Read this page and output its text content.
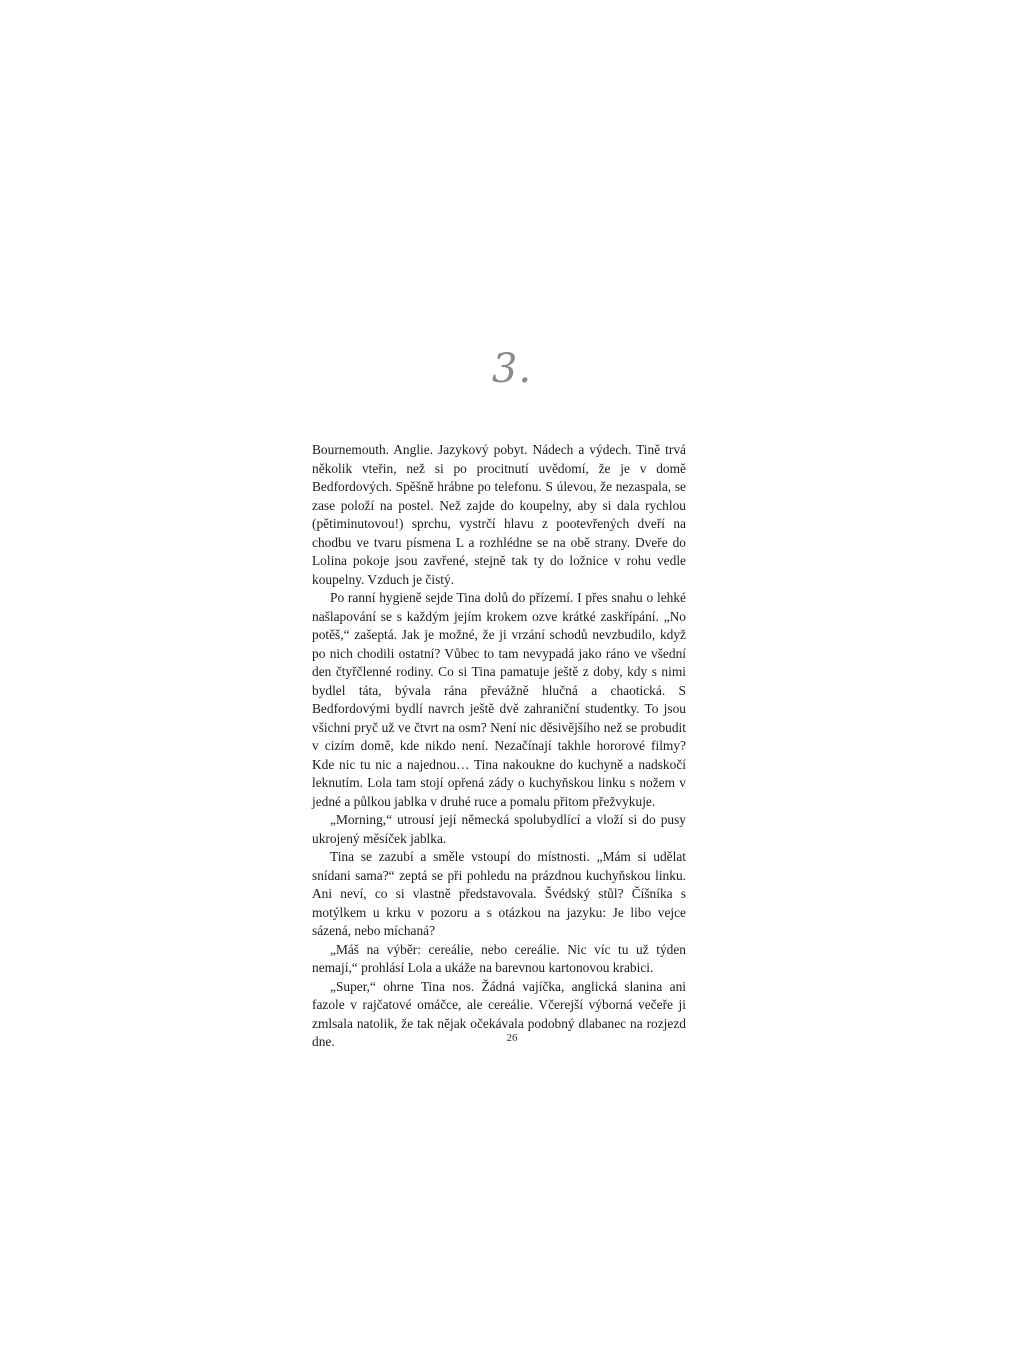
3.

Bournemouth. Anglie. Jazykový pobyt. Nádech a výdech. Tině trvá několik vteřin, než si po procitnutí uvědomí, že je v domě Bedfordových. Spěšně hrábne po telefonu. S úlevou, že nezaspala, se zase položí na postel. Než zajde do koupelny, aby si dala rychlou (pětiminutovou!) sprchu, vystrčí hlavu z pootevřených dveří na chodbu ve tvaru písmena L a rozhlédne se na obě strany. Dveře do Lolina pokoje jsou zavřené, stejně tak ty do ložnice v rohu vedle koupelny. Vzduch je čistý.

Po ranní hygieně sejde Tina dolů do přízemí. I přes snahu o lehké našlapování se s každým jejím krokem ozve krátké zaskřípání. „No potěš,“ zašeptá. Jak je možné, že ji vrzání schodů nevzbudilo, když po nich chodili ostatní? Vůbec to tam nevypadá jako ráno ve všední den čtyřčlenné rodiny. Co si Tina pamatuje ještě z doby, kdy s nimi bydlel táta, bývala rána převážně hlučná a chaotická. S Bedfordovými bydlí navrch ještě dvě zahraniční studentky. To jsou všichni pryč už ve čtvrt na osm? Není nic děsivějšího než se probudit v cizím domě, kde nikdo není. Nezačínají takhle hororové filmy? Kde nic tu nic a najednou… Tina nakoukne do kuchyně a nadskočí leknutím. Lola tam stojí opřená zády o kuchyňskou linku s nožem v jedné a půlkou jablka v druhé ruce a pomalu přitom přežvykuje.

„Morning,“ utrousí její německá spolubydlící a vloží si do pusy ukrojený měsíček jablka.

Tina se zazubí a směle vstoupí do místnosti. „Mám si udělat snídani sama?“ zeptá se při pohledu na prázdnou kuchyňskou linku. Ani neví, co si vlastně představovala. Švédský stůl? Číšníka s motýlkem u krku v pozoru a s otázkou na jazyku: Je libo vejce sázená, nebo míchaná?

„Máš na výběr: cereálie, nebo cereálie. Nic víc tu už týden nemají,“ prohlásí Lola a ukáže na barevnou kartonovou krabici.

„Super,“ ohrne Tina nos. Žádná vajíčka, anglická slanina ani fazole v rajčatové omáčce, ale cereálie. Včerejší výborná večeře ji zmlsala natolik, že tak nějak očekávala podobný dlabanec na rozjezd dne.	26
